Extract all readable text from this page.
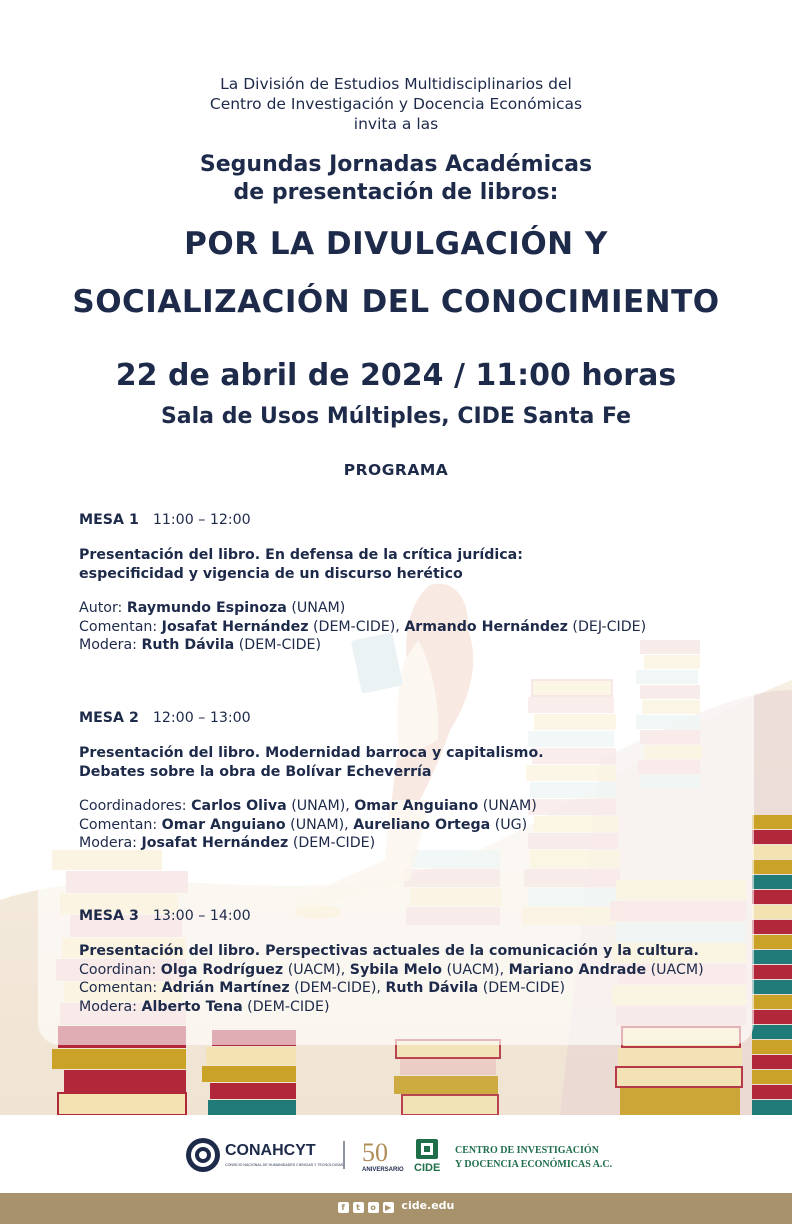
La División de Estudios Multidisciplinarios del
Centro de Investigación y Docencia Económicas
invita a las
Segundas Jornadas Académicas
de presentación de libros:
POR LA DIVULGACIÓN Y
SOCIALIZACIÓN DEL CONOCIMIENTO
22 de abril de 2024 / 11:00 horas
Sala de Usos Múltiples, CIDE Santa Fe
PROGRAMA
MESA 1 11:00 – 12:00
Presentación del libro. En defensa de la crítica jurídica:
especificidad y vigencia de un discurso herético
Autor: Raymundo Espinoza (UNAM)
Comentan: Josafat Hernández (DEM-CIDE), Armando Hernández (DEJ-CIDE)
Modera: Ruth Dávila (DEM-CIDE)
MESA 2 12:00 – 13:00
Presentación del libro. Modernidad barroca y capitalismo.
Debates sobre la obra de Bolívar Echeverría
Coordinadores: Carlos Oliva (UNAM), Omar Anguiano (UNAM)
Comentan: Omar Anguiano (UNAM), Aureliano Ortega (UG)
Modera: Josafat Hernández (DEM-CIDE)
MESA 3 13:00 – 14:00
Presentación del libro. Perspectivas actuales de la comunicación y la cultura.
Coordinan: Olga Rodríguez (UACM), Sybila Melo (UACM), Mariano Andrade (UACM)
Comentan: Adrián Martínez (DEM-CIDE), Ruth Dávila (DEM-CIDE)
Modera: Alberto Tena (DEM-CIDE)
CONAHCYT
CONSEJO NACIONAL DE HUMANIDADES CIENCIAS Y TECNOLOGÍAS 50
ANIVERSARIO CIDE
CENTRO DE INVESTIGACIÓN
Y DOCENCIA ECONÓMICAS A.C.
f t o ▶ cide.edu
